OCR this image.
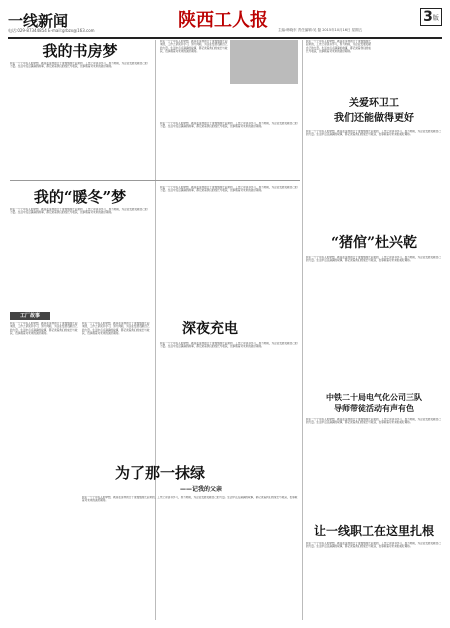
一线新闻
电话:029-87344854 E-mail:grbzx@163.com	陕西工人报	主编:韩晓东 责任编辑:吴 磊 2015年10月16日 星期五
3 版
我的书房梦
我们一个个年轻人的梦想，就是在这样的日子里慢慢成长起来的，工作之余读书学习，努力向前，为企业发展贡献自己的力量。生活中点点滴滴的故事，都记录着我们的成长与收获，也承载着对未来的美好期待。
我的“暖冬”梦
我们一个个年轻人的梦想，就是在这样的日子里慢慢成长起来的，工作之余读书学习，努力向前，为企业发展贡献自己的力量。生活中点点滴滴的故事，都记录着我们的成长与收获，也承载着对未来的美好期待。
工厂故事
我们一个个年轻人的梦想，就是在这样的日子里慢慢成长起来的，工作之余读书学习，努力向前，为企业发展贡献自己的力量。生活中点点滴滴的故事，都记录着我们的成长与收获，也承载着对未来的美好期待。
我们一个个年轻人的梦想，就是在这样的日子里慢慢成长起来的，工作之余读书学习，努力向前，为企业发展贡献自己的力量。生活中点点滴滴的故事，都记录着我们的成长与收获，也承载着对未来的美好期待。
我们一个个年轻人的梦想，就是在这样的日子里慢慢成长起来的，工作之余读书学习，努力向前，为企业发展贡献自己的力量。生活中点点滴滴的故事，都记录着我们的成长与收获，也承载着对未来的美好期待。
我们一个个年轻人的梦想，就是在这样的日子里慢慢成长起来的，工作之余读书学习，努力向前，为企业发展贡献自己的力量。生活中点点滴滴的故事，都记录着我们的成长与收获，也承载着对未来的美好期待。
我们一个个年轻人的梦想，就是在这样的日子里慢慢成长起来的，工作之余读书学习，努力向前，为企业发展贡献自己的力量。生活中点点滴滴的故事，都记录着我们的成长与收获，也承载着对未来的美好期待。
深夜充电
我们一个个年轻人的梦想，就是在这样的日子里慢慢成长起来的，工作之余读书学习，努力向前，为企业发展贡献自己的力量。生活中点点滴滴的故事，都记录着我们的成长与收获，也承载着对未来的美好期待。
为了那一抹绿
——记我的父亲
我们一个个年轻人的梦想，就是在这样的日子里慢慢成长起来的，工作之余读书学习，努力向前，为企业发展贡献自己的力量。生活中点点滴滴的故事，都记录着我们的成长与收获，也承载着对未来的美好期待。
我们一个个年轻人的梦想，就是在这样的日子里慢慢成长起来的，工作之余读书学习，努力向前，为企业发展贡献自己的力量。生活中点点滴滴的故事，都记录着我们的成长与收获，也承载着对未来的美好期待。
关爱环卫工
我们还能做得更好
我们一个个年轻人的梦想，就是在这样的日子里慢慢成长起来的，工作之余读书学习，努力向前，为企业发展贡献自己的力量。生活中点点滴滴的故事，都记录着我们的成长与收获，也承载着对未来的美好期待。
“猪倌”杜兴乾
我们一个个年轻人的梦想，就是在这样的日子里慢慢成长起来的，工作之余读书学习，努力向前，为企业发展贡献自己的力量。生活中点点滴滴的故事，都记录着我们的成长与收获，也承载着对未来的美好期待。
中铁二十局电气化公司三队
导师带徒活动有声有色
我们一个个年轻人的梦想，就是在这样的日子里慢慢成长起来的，工作之余读书学习，努力向前，为企业发展贡献自己的力量。生活中点点滴滴的故事，都记录着我们的成长与收获，也承载着对未来的美好期待。
让一线职工在这里扎根
我们一个个年轻人的梦想，就是在这样的日子里慢慢成长起来的，工作之余读书学习，努力向前，为企业发展贡献自己的力量。生活中点点滴滴的故事，都记录着我们的成长与收获，也承载着对未来的美好期待。
